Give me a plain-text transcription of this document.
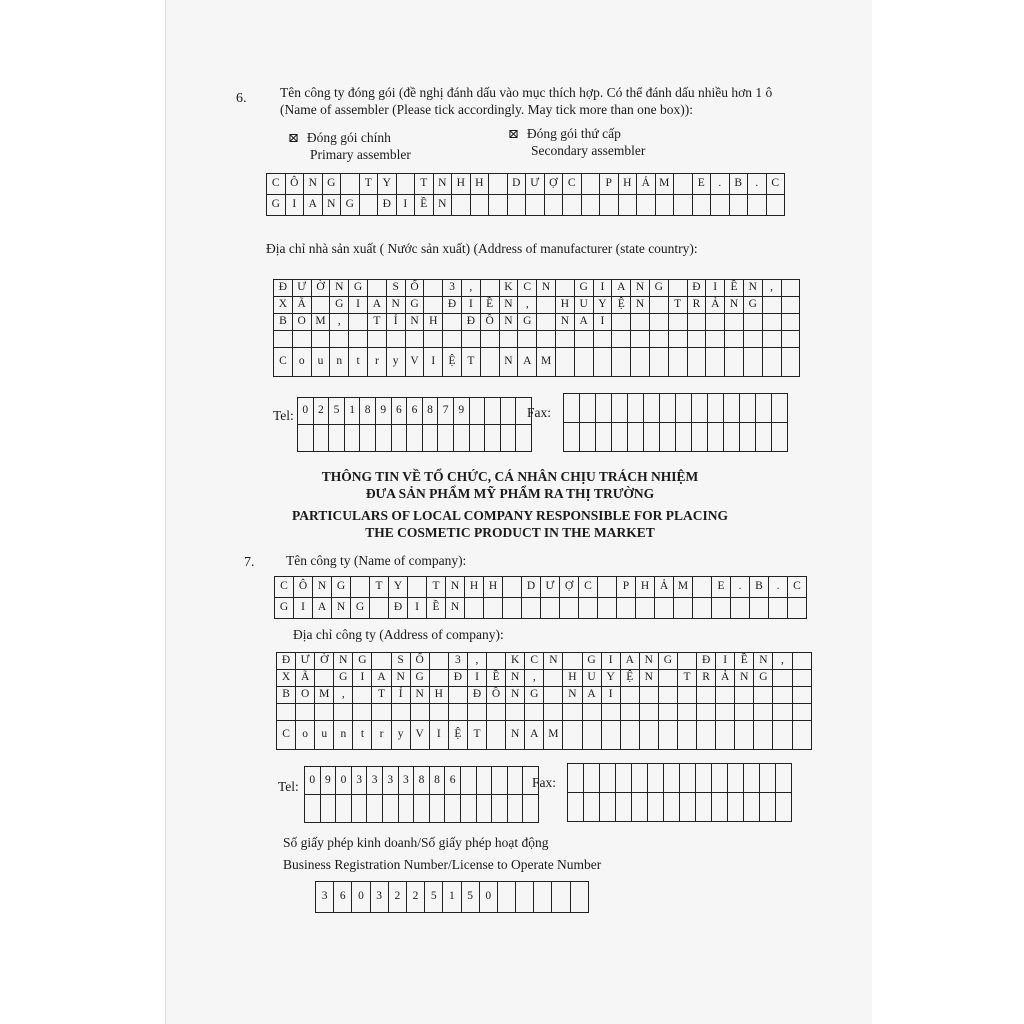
6. Tên công ty đóng gói (đề nghị đánh dấu vào mục thích hợp. Có thể đánh dấu nhiều hơn 1 ô
(Name of assembler (Please tick accordingly. May tick more than one box)):
⊠ Đóng gói chính
Primary assembler
⊠ Đóng gói thứ cấp
Secondary assembler
C	Ô	N	G		T	Y		T	N	H	H		D	Ư	Ợ	C		P	H	Ả	M		E	.	B	.	C
G	I	A	N	G		Đ	I	Ề	N																		
Địa chỉ nhà sản xuất ( Nước sản xuất) (Address of manufacturer (state country):
Đ	Ư	Ờ	N	G		S	Ố		3	,		K	C	N		G	I	A	N	G		Đ	I	Ề	N	,	
X	Ã		G	I	A	N	G		Đ	I	Ề	N	,		H	U	Y	Ệ	N		T	R	Ả	N	G		
B	O	M	,		T	Ỉ	N	H		Đ	Ồ	N	G		N	A	I										

C	o	u	n	t	r	y	V	I	Ệ	T		N	A	M													
Tel: 0	2	5	1	8	9	6	6	8	7	9				
															Fax:

THÔNG TIN VỀ TỔ CHỨC, CÁ NHÂN CHỊU TRÁCH NHIỆM
ĐƯA SẢN PHẨM MỸ PHẨM RA THỊ TRƯỜNG
PARTICULARS OF LOCAL COMPANY RESPONSIBLE FOR PLACING
THE COSMETIC PRODUCT IN THE MARKET
7. Tên công ty (Name of company):
C	Ô	N	G		T	Y		T	N	H	H		D	Ư	Ợ	C		P	H	Ả	M		E	.	B	.	C
G	I	A	N	G		Đ	I	Ề	N																		
Địa chỉ công ty (Address of company):
Đ	Ư	Ờ	N	G		S	Ố		3	,		K	C	N		G	I	A	N	G		Đ	I	Ề	N	,	
X	Ã		G	I	A	N	G		Đ	I	Ề	N	,		H	U	Y	Ệ	N		T	R	Ả	N	G		
B	O	M	,		T	Ỉ	N	H		Đ	Ồ	N	G		N	A	I										

C	o	u	n	t	r	y	V	I	Ệ	T		N	A	M													
Tel: 0	9	0	3	3	3	3	8	8	6					
															Fax:

Số giấy phép kinh doanh/Số giấy phép hoạt động
Business Registration Number/License to Operate Number
3	6	0	3	2	2	5	1	5	0					
